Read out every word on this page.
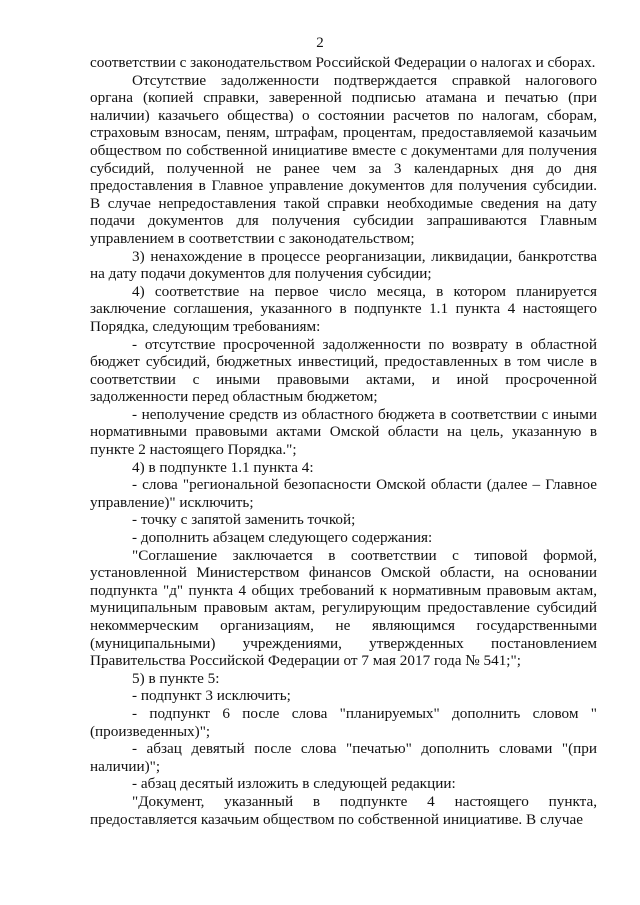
2

соответствии с законодательством Российской Федерации о налогах и сборах.

Отсутствие задолженности подтверждается справкой налогового органа (копией справки, заверенной подписью атамана и печатью (при наличии) казачьего общества) о состоянии расчетов по налогам, сборам, страховым взносам, пеням, штрафам, процентам, предоставляемой казачьим обществом по собственной инициативе вместе с документами для получения субсидий, полученной не ранее чем за 3 календарных дня до дня предоставления в Главное управление документов для получения субсидии. В случае непредоставления такой справки необходимые сведения на дату подачи документов для получения субсидии запрашиваются Главным управлением в соответствии с законодательством;

3) ненахождение в процессе реорганизации, ликвидации, банкротства на дату подачи документов для получения субсидии;

4) соответствие на первое число месяца, в котором планируется заключение соглашения, указанного в подпункте 1.1 пункта 4 настоящего Порядка, следующим требованиям:

- отсутствие просроченной задолженности по возврату в областной бюджет субсидий, бюджетных инвестиций, предоставленных в том числе в соответствии с иными правовыми актами, и иной просроченной задолженности перед областным бюджетом;

- неполучение средств из областного бюджета в соответствии с иными нормативными правовыми актами Омской области на цель, указанную в пункте 2 настоящего Порядка.";

4) в подпункте 1.1 пункта 4:

- слова "региональной безопасности Омской области (далее – Главное управление)" исключить;

- точку с запятой заменить точкой;

- дополнить абзацем следующего содержания:

"Соглашение заключается в соответствии с типовой формой, установленной Министерством финансов Омской области, на основании подпункта "д" пункта 4 общих требований к нормативным правовым актам, муниципальным правовым актам, регулирующим предоставление субсидий некоммерческим организациям, не являющимся государственными (муниципальными) учреждениями, утвержденных постановлением Правительства Российской Федерации от 7 мая 2017 года № 541;";

5) в пункте 5:

- подпункт 3 исключить;

- подпункт 6 после слова "планируемых" дополнить словом "(произведенных)";

- абзац девятый после слова "печатью" дополнить словами "(при наличии)";

- абзац десятый изложить в следующей редакции:

"Документ, указанный в подпункте 4 настоящего пункта, предоставляется казачьим обществом по собственной инициативе. В случае
